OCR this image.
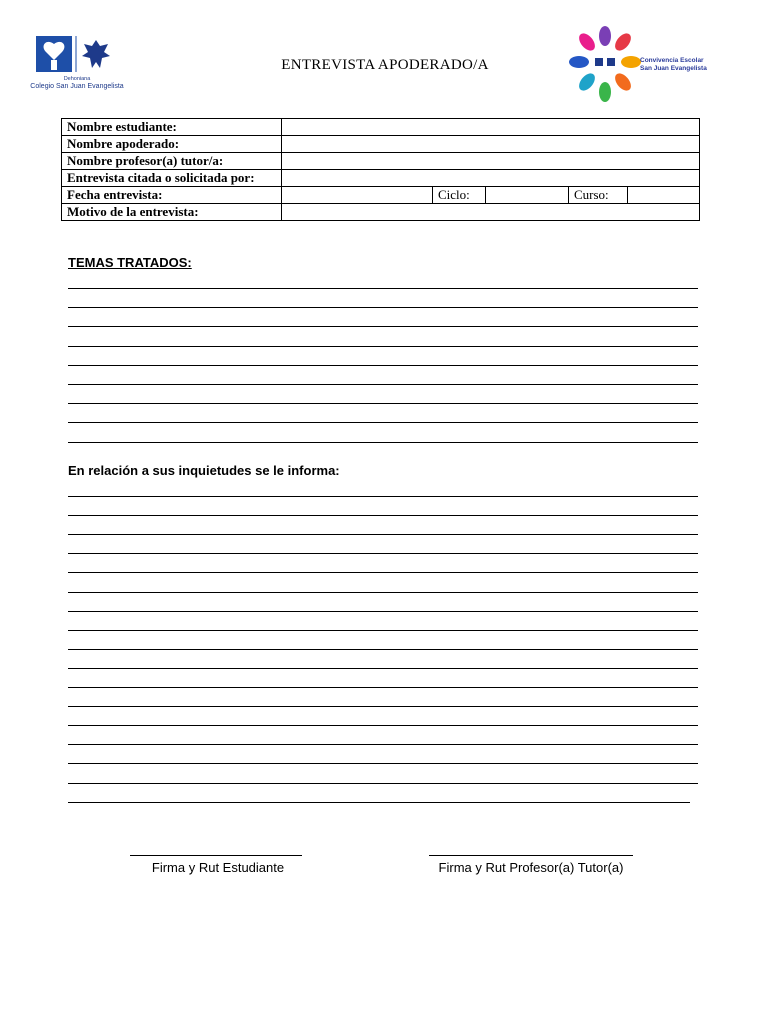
Dehoniana
Colegio San Juan Evangelista
ENTREVISTA APODERADO/A	Convivencia Escolar
San Juan Evangelista
Nombre estudiante:					
Nombre apoderado:					
Nombre profesor(a) tutor/a:					
Entrevista citada o solicitada por:					
Fecha entrevista:		Ciclo:		Curso:	
Motivo de la entrevista:					
TEMAS TRATADOS:
En relación a sus inquietudes se le informa:
Firma y Rut Estudiante	Firma y Rut Profesor(a) Tutor(a)
